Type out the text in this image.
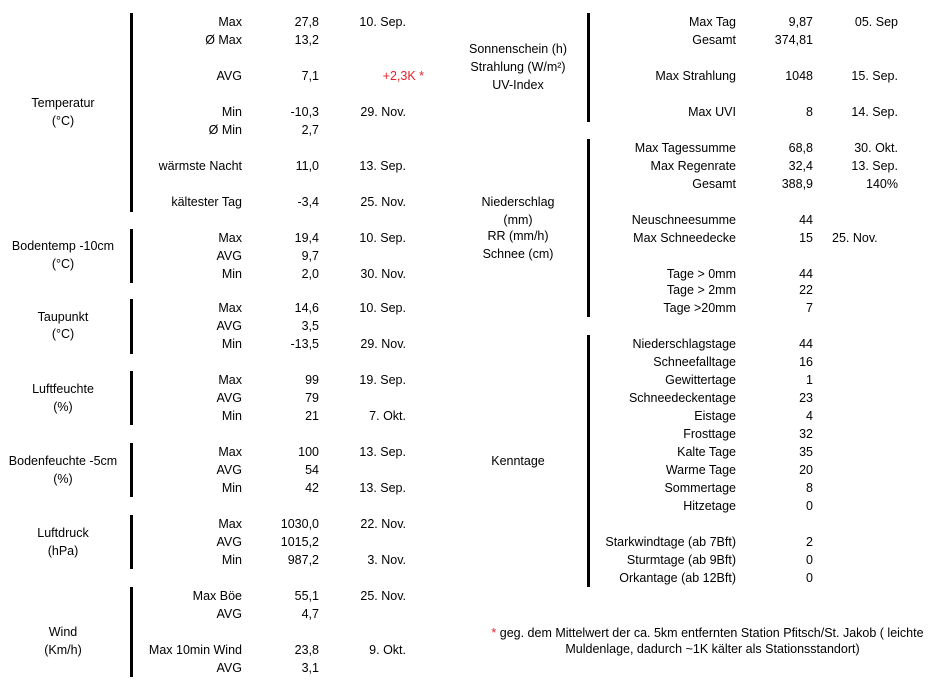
Temperatur
(°C)
Max	27,8	10. Sep.
Ø Max	13,2
AVG	7,1	+2,3K *
Min	-10,3	29. Nov.
Ø Min	2,7
wärmste Nacht	11,0	13. Sep.
kältester Tag	-3,4	25. Nov.
Bodentemp -10cm
(°C)
Max	19,4	10. Sep.
AVG	9,7
Min	2,0	30. Nov.
Taupunkt
(°C)
Max	14,6	10. Sep.
AVG	3,5
Min	-13,5	29. Nov.
Luftfeuchte
(%)
Max	99	19. Sep.
AVG	79
Min	21	7. Okt.
Bodenfeuchte -5cm
(%)
Max	100	13. Sep.
AVG	54
Min	42	13. Sep.
Luftdruck
(hPa)
Max	1030,0	22. Nov.
AVG	1015,2
Min	987,2	3. Nov.
Wind
(Km/h)
Max Böe	55,1	25. Nov.
AVG	4,7
Max 10min Wind	23,8	9. Okt.
AVG	3,1
Sonnenschein (h)
Strahlung (W/m²)
UV-Index
Max Tag	9,87	05. Sep
Gesamt	374,81
Max Strahlung	1048	15. Sep.
Max UVI	8	14. Sep.
Niederschlag
(mm)
RR (mm/h)
Schnee (cm)
Max Tagessumme	68,8	30. Okt.
Max Regenrate	32,4	13. Sep.
Gesamt	388,9	140%
Neuschneesumme	44
Max Schneedecke	15 25. Nov.
Tage > 0mm	44
Tage > 2mm	22
Tage >20mm	7
Kenntage
Niederschlagstage	44
Schneefalltage	16
Gewittertage	1
Schneedeckentage	23
Eistage	4
Frosttage	32
Kalte Tage	35
Warme Tage	20
Sommertage	8
Hitzetage	0
Starkwindtage (ab 7Bft)	2
Sturmtage (ab 9Bft)	0
Orkantage (ab 12Bft)	0
* geg. dem Mittelwert der ca. 5km entfernten Station Pfitsch/St. Jakob ( leichte
Muldenlage, dadurch ~1K kälter als Stationsstandort)
